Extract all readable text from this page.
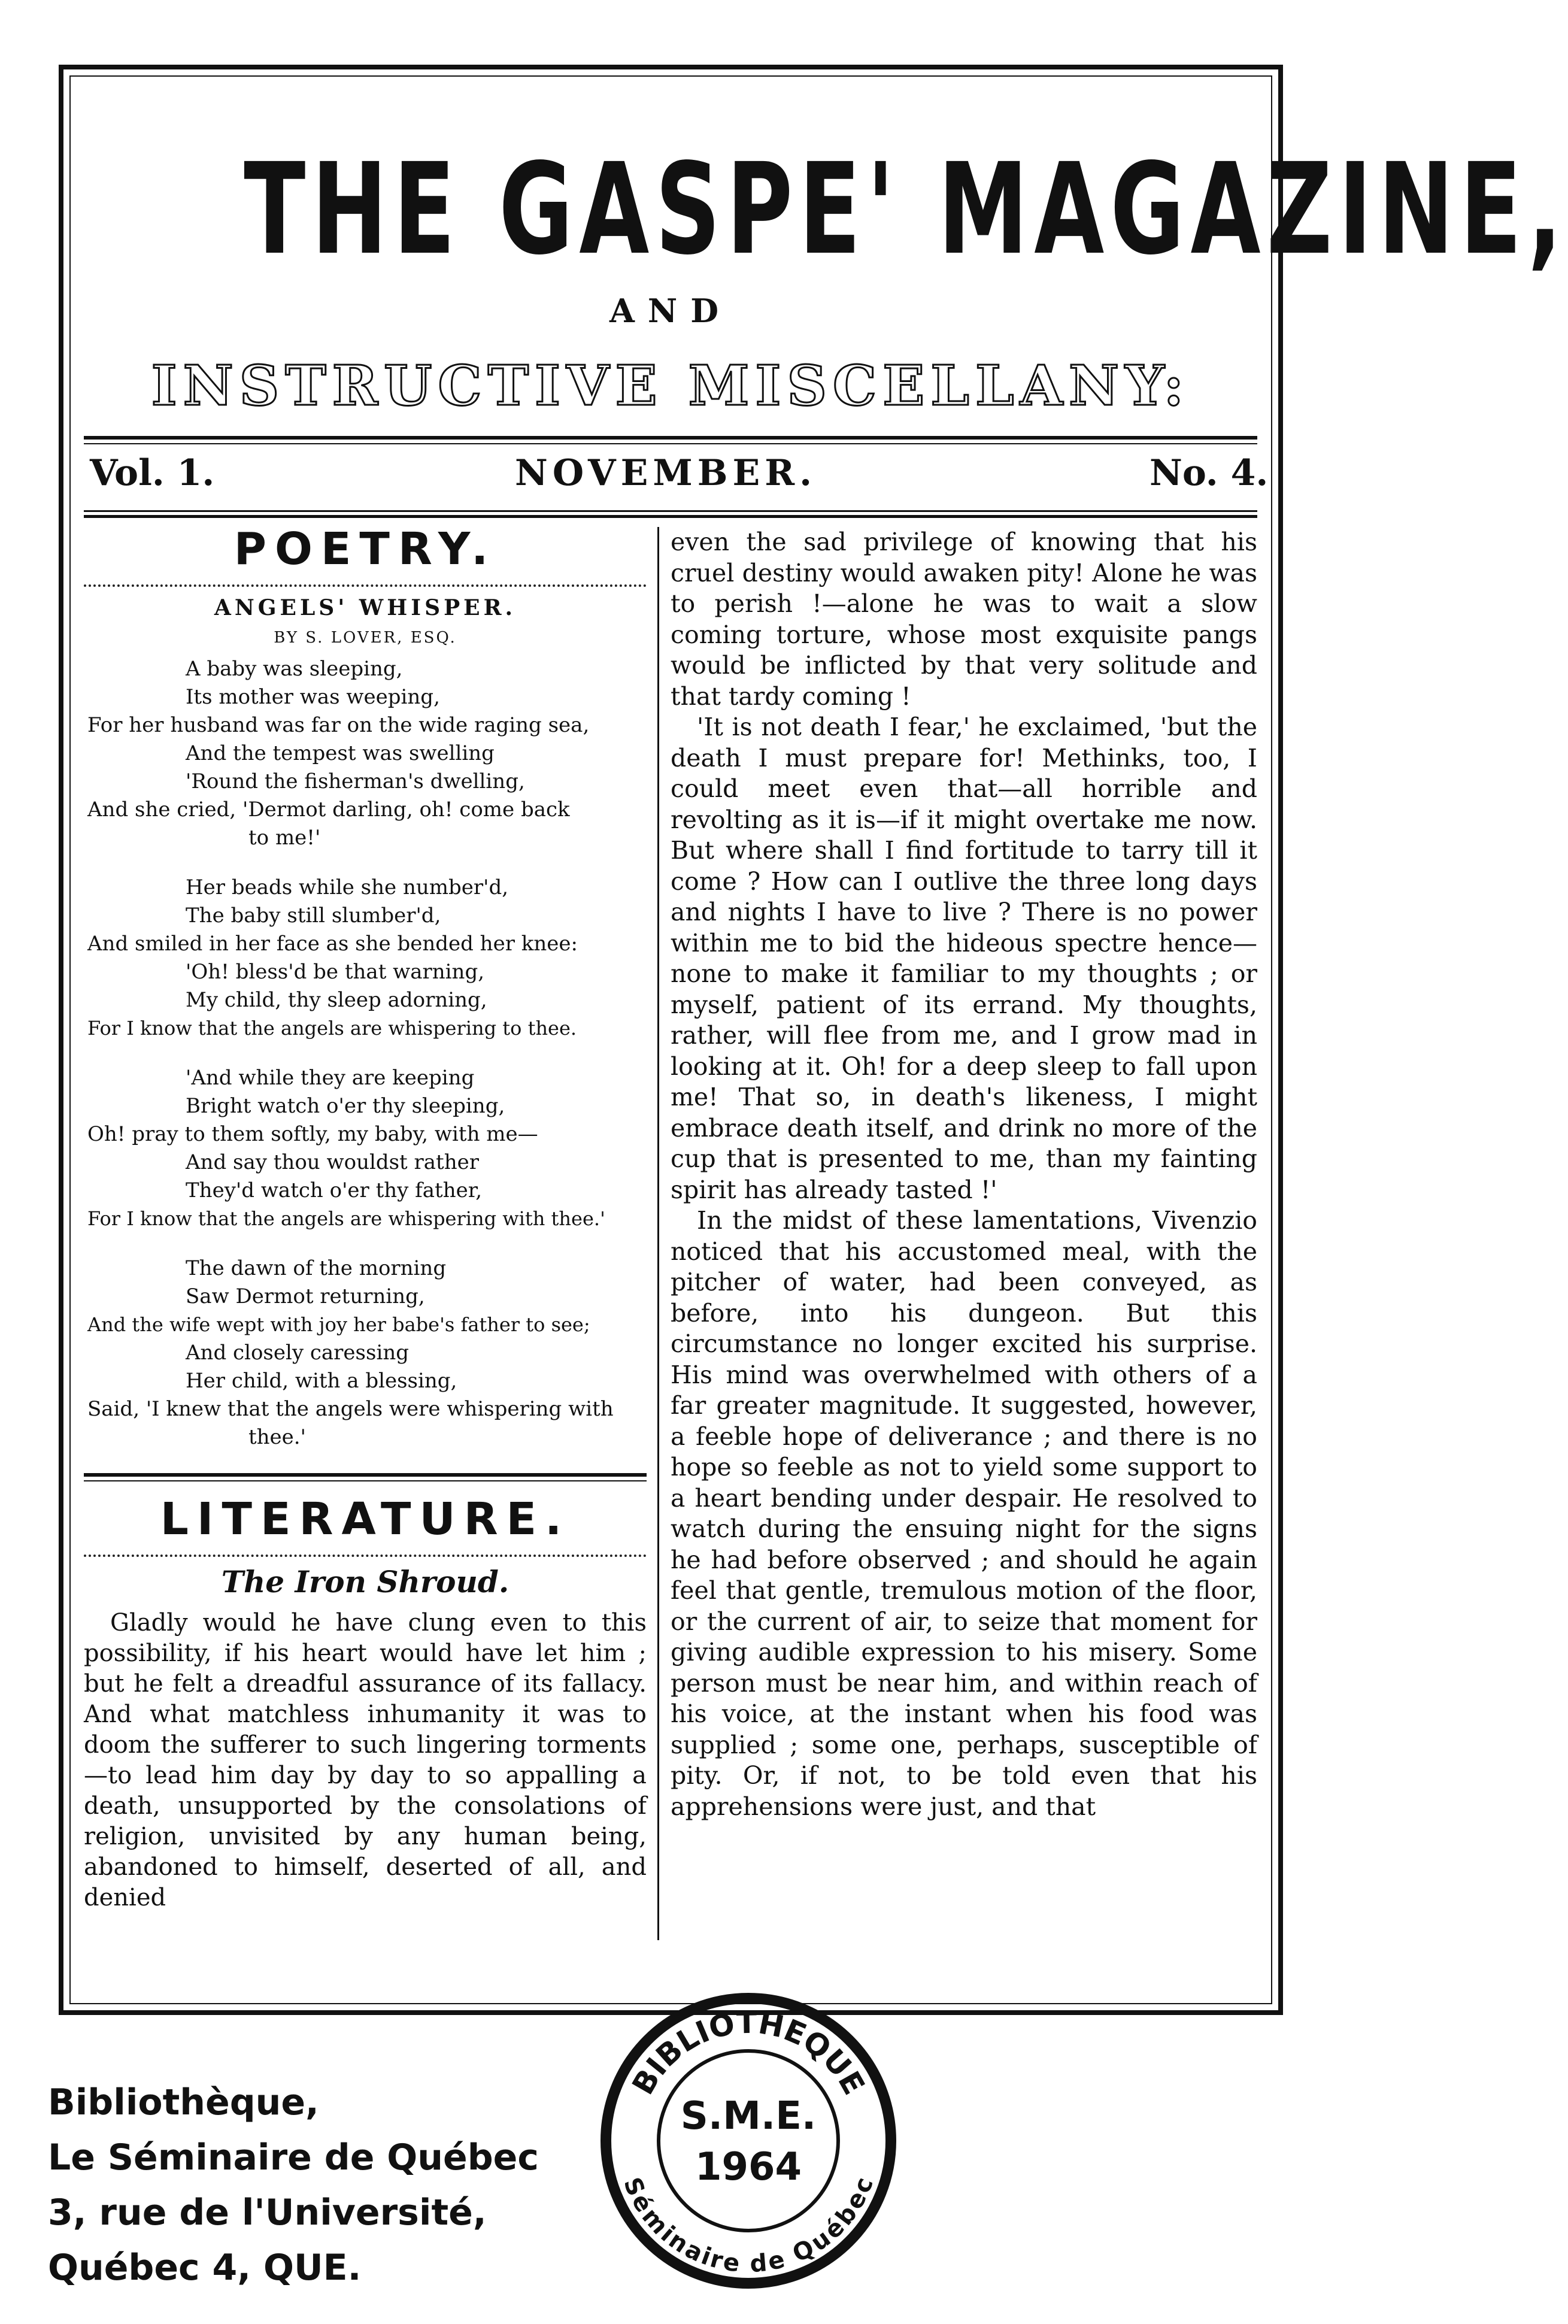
THE GASPE' MAGAZINE,
AND
INSTRUCTIVE MISCELLANY:
Vol. 1.	NOVEMBER.	No. 4.
POETRY.
ANGELS' WHISPER.
BY S. LOVER, ESQ.
A baby was sleeping,
Its mother was weeping,
For her husband was far on the wide raging sea,
And the tempest was swelling
'Round the fisherman's dwelling,
And she cried, 'Dermot darling, oh! come back
to me!'
Her beads while she number'd,
The baby still slumber'd,
And smiled in her face as she bended her knee:
'Oh! bless'd be that warning,
My child, thy sleep adorning,
For I know that the angels are whispering to thee.
'And while they are keeping
Bright watch o'er thy sleeping,
Oh! pray to them softly, my baby, with me—
And say thou wouldst rather
They'd watch o'er thy father,
For I know that the angels are whispering with thee.'
The dawn of the morning
Saw Dermot returning,
And the wife wept with joy her babe's father to see;
And closely caressing
Her child, with a blessing,
Said, 'I knew that the angels were whispering with
thee.'
LITERATURE.
The Iron Shroud.

Gladly would he have clung even to this possibility, if his heart would have let him ; but he felt a dreadful assurance of its fallacy. And what matchless inhumanity it was to doom the sufferer to such lingering torments—to lead him day by day to so appalling a death, unsupported by the consolations of religion, unvisited by any human being, abandoned to himself, deserted of all, and denied

even the sad privilege of knowing that his cruel destiny would awaken pity! Alone he was to perish !—alone he was to wait a slow coming torture, whose most exquisite pangs would be inflicted by that very solitude and that tardy coming !

'It is not death I fear,' he exclaimed, 'but the death I must prepare for! Methinks, too, I could meet even that—all horrible and revolting as it is—if it might overtake me now. But where shall I find fortitude to tarry till it come ? How can I outlive the three long days and nights I have to live ? There is no power within me to bid the hideous spectre hence—none to make it familiar to my thoughts ; or myself, patient of its errand. My thoughts, rather, will flee from me, and I grow mad in looking at it. Oh! for a deep sleep to fall upon me! That so, in death's likeness, I might embrace death itself, and drink no more of the cup that is presented to me, than my fainting spirit has already tasted !'

In the midst of these lamentations, Vivenzio noticed that his accustomed meal, with the pitcher of water, had been conveyed, as before, into his dungeon. But this circumstance no longer excited his surprise. His mind was overwhelmed with others of a far greater magnitude. It suggested, however, a feeble hope of deliverance ; and there is no hope so feeble as not to yield some support to a heart bending under despair. He resolved to watch during the ensuing night for the signs he had before observed ; and should he again feel that gentle, tremulous motion of the floor, or the current of air, to seize that moment for giving audible expression to his misery. Some person must be near him, and within reach of his voice, at the instant when his food was supplied ; some one, perhaps, susceptible of pity. Or, if not, to be told even that his apprehensions were just, and that

Bibliothèque,
Le Séminaire de Québec
3, rue de l'Université,
Québec 4, QUE.
BIBLIOTHEQUE
S.M.E.
1964
Séminaire de Québec
